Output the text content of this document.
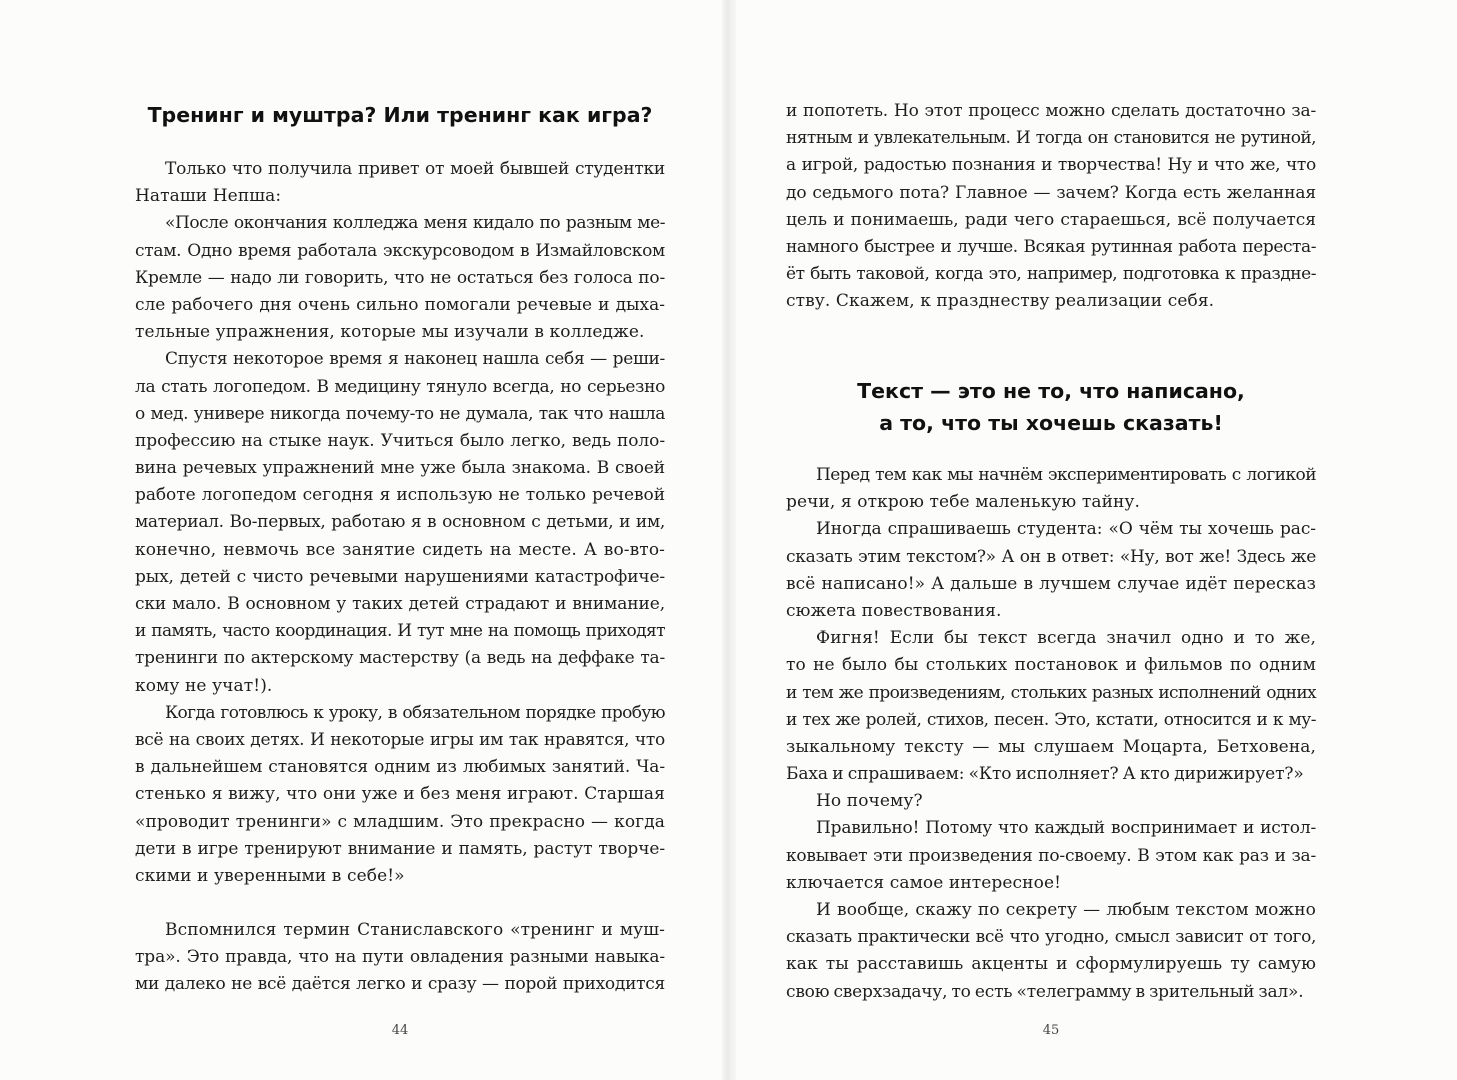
Тренинг и муштра? Или тренинг как игра?
Только что получила привет от моей бывшей студентки
Наташи Непша:
«После окончания колледжа меня кидало по разным ме-
стам. Одно время работала экскурсоводом в Измайловском
Кремле — надо ли говорить, что не остаться без голоса по-
сле рабочего дня очень сильно помогали речевые и дыха-
тельные упражнения, которые мы изучали в колледже.
Спустя некоторое время я наконец нашла себя — реши-
ла стать логопедом. В медицину тянуло всегда, но серьезно
о мед. универе никогда почему-то не думала, так что нашла
профессию на стыке наук. Учиться было легко, ведь поло-
вина речевых упражнений мне уже была знакома. В своей
работе логопедом сегодня я использую не только речевой
материал. Во-первых, работаю я в основном с детьми, и им,
конечно, невмочь все занятие сидеть на месте. А во-вто-
рых, детей с чисто речевыми нарушениями катастрофиче-
ски мало. В основном у таких детей страдают и внимание,
и память, часто координация. И тут мне на помощь приходят
тренинги по актерскому мастерству (а ведь на деффаке та-
кому не учат!).
Когда готовлюсь к уроку, в обязательном порядке пробую
всё на своих детях. И некоторые игры им так нравятся, что
в дальнейшем становятся одним из любимых занятий. Ча-
стенько я вижу, что они уже и без меня играют. Старшая
«проводит тренинги» с младшим. Это прекрасно — когда
дети в игре тренируют внимание и память, растут творче-
скими и уверенными в себе!»
Вспомнился термин Станиславского «тренинг и муш-
тра». Это правда, что на пути овладения разными навыка-
ми далеко не всё даётся легко и сразу — порой приходится
44
и попотеть. Но этот процесс можно сделать достаточно за-
нятным и увлекательным. И тогда он становится не рутиной,
а игрой, радостью познания и творчества! Ну и что же, что
до седьмого пота? Главное — зачем? Когда есть желанная
цель и понимаешь, ради чего стараешься, всё получается
намного быстрее и лучше. Всякая рутинная работа переста-
ёт быть таковой, когда это, например, подготовка к праздне-
ству. Скажем, к празднеству реализации себя.
Текст — это не то, что написано,
а то, что ты хочешь сказать!
Перед тем как мы начнём экспериментировать с логикой
речи, я открою тебе маленькую тайну.
Иногда спрашиваешь студента: «О чём ты хочешь рас-
сказать этим текстом?» А он в ответ: «Ну, вот же! Здесь же
всё написано!» А дальше в лучшем случае идёт пересказ
сюжета повествования.
Фигня! Если бы текст всегда значил одно и то же,
то не было бы стольких постановок и фильмов по одним
и тем же произведениям, стольких разных исполнений одних
и тех же ролей, стихов, песен. Это, кстати, относится и к му-
зыкальному тексту — мы слушаем Моцарта, Бетховена,
Баха и спрашиваем: «Кто исполняет? А кто дирижирует?»
Но почему?
Правильно! Потому что каждый воспринимает и истол-
ковывает эти произведения по-своему. В этом как раз и за-
ключается самое интересное!
И вообще, скажу по секрету — любым текстом можно
сказать практически всё что угодно, смысл зависит от того,
как ты расставишь акценты и сформулируешь ту самую
свою сверхзадачу, то есть «телеграмму в зрительный зал».
45
